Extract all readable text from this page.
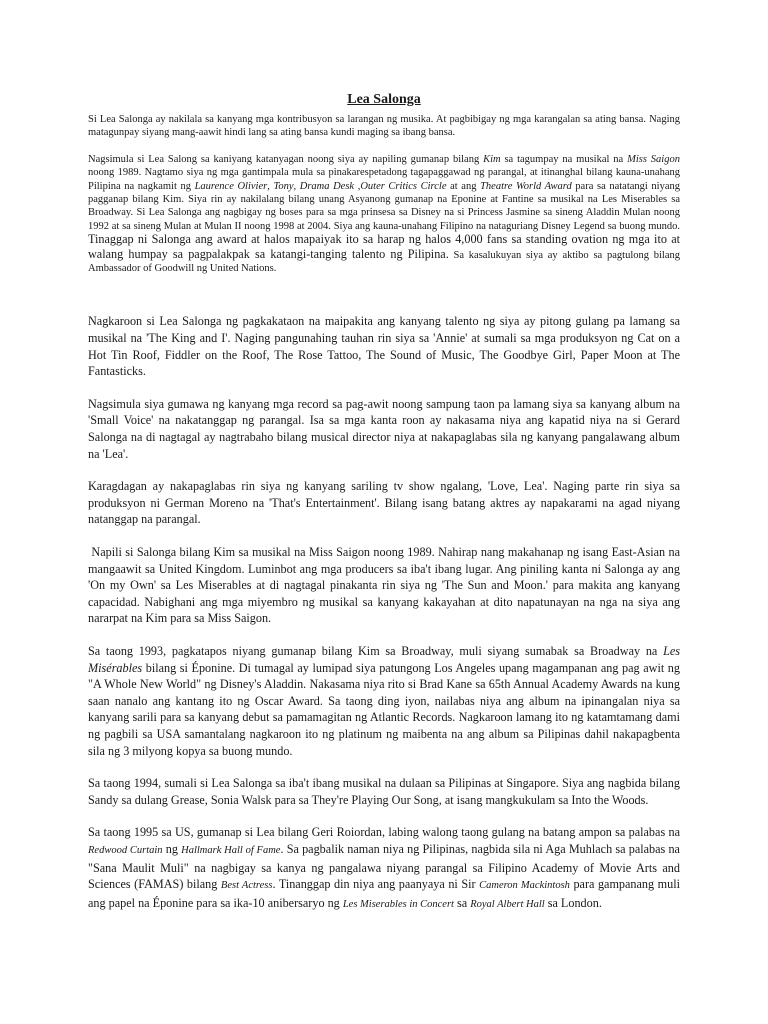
Lea Salonga

Si Lea Salonga ay nakilala sa kanyang mga kontribusyon sa larangan ng musika. At pagbibigay ng mga karangalan sa ating bansa. Naging matagunpay siyang mang-aawit hindi lang sa ating bansa kundi maging sa ibang bansa.

Nagsimula si Lea Salong sa kaniyang katanyagan noong siya ay napiling gumanap bilang Kim sa tagumpay na musikal na Miss Saigon noong 1989. Nagtamo siya ng mga gantimpala mula sa pinakarespetadong tagapaggawad ng parangal, at itinanghal bilang kauna-unahang Pilipina na nagkamit ng Laurence Olivier, Tony, Drama Desk ,Outer Critics Circle at ang Theatre World Award para sa natatangi niyang pagganap bilang Kim. Siya rin ay nakilalang bilang unang Asyanong gumanap na Eponine at Fantine sa musikal na Les Miserables sa Broadway. Si Lea Salonga ang nagbigay ng boses para sa mga prinsesa sa Disney na si Princess Jasmine sa sineng Aladdin Mulan noong 1992 at sa sineng Mulan at Mulan II noong 1998 at 2004. Siya ang kauna-unahang Filipino na nataguriang Disney Legend sa buong mundo. Tinaggap ni Salonga ang award at halos mapaiyak ito sa harap ng halos 4,000 fans sa standing ovation ng mga ito at walang humpay sa pagpalakpak sa katangi-tanging talento ng Pilipina. Sa kasalukuyan siya ay aktibo sa pagtulong bilang Ambassador of Goodwill ng United Nations.

Nagkaroon si Lea Salonga ng pagkakataon na maipakita ang kanyang talento ng siya ay pitong gulang pa lamang sa musikal na 'The King and I'. Naging pangunahing tauhan rin siya sa 'Annie' at sumali sa mga produksyon ng Cat on a Hot Tin Roof, Fiddler on the Roof, The Rose Tattoo, The Sound of Music, The Goodbye Girl, Paper Moon at The Fantasticks.

Nagsimula siya gumawa ng kanyang mga record sa pag-awit noong sampung taon pa lamang siya sa kanyang album na 'Small Voice' na nakatanggap ng parangal. Isa sa mga kanta roon ay nakasama niya ang kapatid niya na si Gerard Salonga na di nagtagal ay nagtrabaho bilang musical director niya at nakapaglabas sila ng kanyang pangalawang album na 'Lea'.

Karagdagan ay nakapaglabas rin siya ng kanyang sariling tv show ngalang, 'Love, Lea'. Naging parte rin siya sa produksyon ni German Moreno na 'That's Entertainment'. Bilang isang batang aktres ay napakarami na agad niyang natanggap na parangal.

Napili si Salonga bilang Kim sa musikal na Miss Saigon noong 1989. Nahirap nang makahanap ng isang East-Asian na mangaawit sa United Kingdom. Luminbot ang mga producers sa iba't ibang lugar. Ang piniling kanta ni Salonga ay ang 'On my Own' sa Les Miserables at di nagtagal pinakanta rin siya ng 'The Sun and Moon.' para makita ang kanyang capacidad. Nabighani ang mga miyembro ng musikal sa kanyang kakayahan at dito napatunayan na nga na siya ang nararpat na Kim para sa Miss Saigon.

Sa taong 1993, pagkatapos niyang gumanap bilang Kim sa Broadway, muli siyang sumabak sa Broadway na Les Misérables bilang si Éponine. Di tumagal ay lumipad siya patungong Los Angeles upang magampanan ang pag awit ng "A Whole New World" ng Disney's Aladdin. Nakasama niya rito si Brad Kane sa 65th Annual Academy Awards na kung saan nanalo ang kantang ito ng Oscar Award. Sa taong ding iyon, nailabas niya ang album na ipinangalan niya sa kanyang sarili para sa kanyang debut sa pamamagitan ng Atlantic Records. Nagkaroon lamang ito ng katamtamang dami ng pagbili sa USA samantalang nagkaroon ito ng platinum ng maibenta na ang album sa Pilipinas dahil nakapagbenta sila ng 3 milyong kopya sa buong mundo.

Sa taong 1994, sumali si Lea Salonga sa iba't ibang musikal na dulaan sa Pilipinas at Singapore. Siya ang nagbida bilang Sandy sa dulang Grease, Sonia Walsk para sa They're Playing Our Song, at isang mangkukulam sa Into the Woods.

Sa taong 1995 sa US, gumanap si Lea bilang Geri Roiordan, labing walong taong gulang na batang ampon sa palabas na Redwood Curtain ng Hallmark Hall of Fame. Sa pagbalik naman niya ng Pilipinas, nagbida sila ni Aga Muhlach sa palabas na "Sana Maulit Muli" na nagbigay sa kanya ng pangalawa niyang parangal sa Filipino Academy of Movie Arts and Sciences (FAMAS) bilang Best Actress. Tinanggap din niya ang paanyaya ni Sir Cameron Mackintosh para gampanang muli ang papel na Éponine para sa ika-10 anibersaryo ng Les Miserables in Concert sa Royal Albert Hall sa London.
